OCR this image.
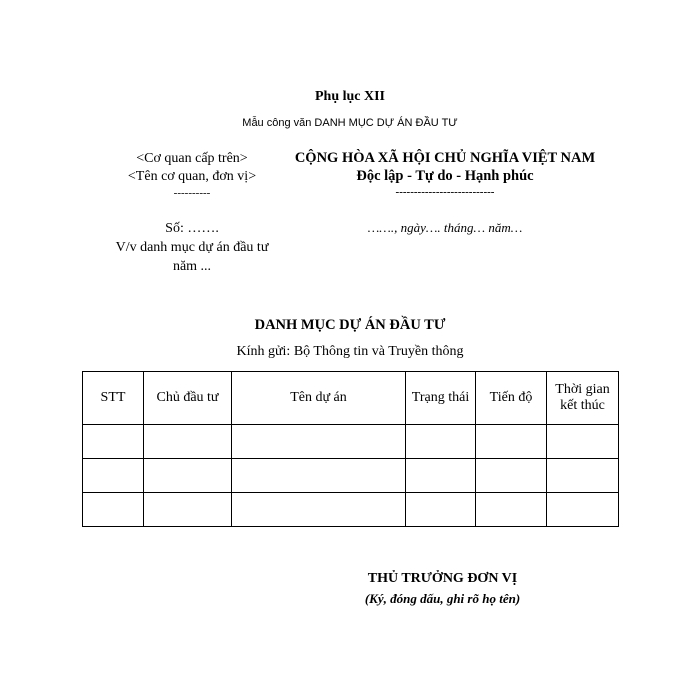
Phụ lục XII
Mẫu công văn DANH MỤC DỰ ÁN ĐẦU TƯ
<Cơ quan cấp trên>
<Tên cơ quan, đơn vị>
----------
Số: …….
V/v danh mục dự án đầu tư
năm ...
CỘNG HÒA XÃ HỘI CHỦ NGHĨA VIỆT NAM
Độc lập - Tự do - Hạnh phúc
---------------------------
……., ngày…. tháng… năm…
DANH MỤC DỰ ÁN ĐẦU TƯ
Kính gửi: Bộ Thông tin và Truyền thông
STT	Chủ đầu tư	Tên dự án	Trạng thái	Tiến độ	Thời gian
kết thúc

THỦ TRƯỞNG ĐƠN VỊ
(Ký, đóng dấu, ghi rõ họ tên)
